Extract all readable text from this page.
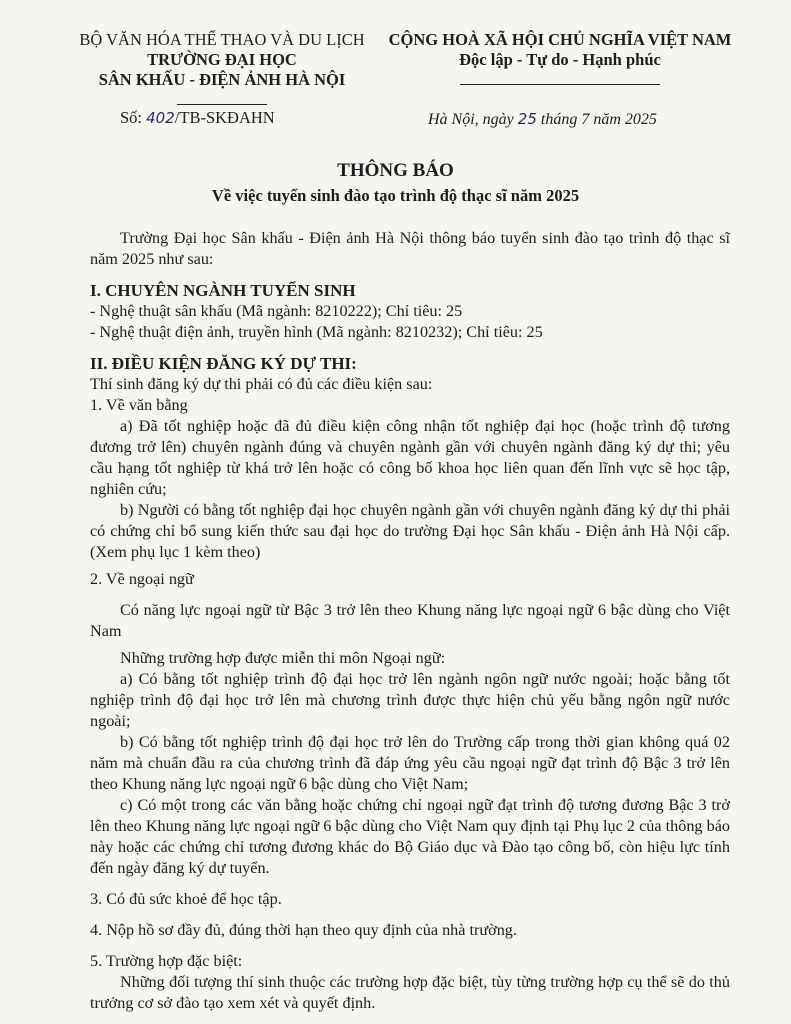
BỘ VĂN HÓA THỂ THAO VÀ DU LỊCH
TRƯỜNG ĐẠI HỌC
SÂN KHẤU - ĐIỆN ẢNH HÀ NỘI
CỘNG HOÀ XÃ HỘI CHỦ NGHĨA VIỆT NAM
Độc lập - Tự do - Hạnh phúc
Số: 402/TB-SKĐAHN	Hà Nội, ngày 25 tháng 7 năm 2025
THÔNG BÁO
Về việc tuyển sinh đào tạo trình độ thạc sĩ năm 2025

Trường Đại học Sân khấu - Điện ảnh Hà Nội thông báo tuyển sinh đào tạo trình độ thạc sĩ năm 2025 như sau:

I. CHUYÊN NGÀNH TUYỂN SINH

- Nghệ thuật sân khấu (Mã ngành: 8210222); Chỉ tiêu: 25

- Nghệ thuật điện ảnh, truyền hình (Mã ngành: 8210232); Chỉ tiêu: 25

II. ĐIỀU KIỆN ĐĂNG KÝ DỰ THI:

Thí sinh đăng ký dự thi phải có đủ các điều kiện sau:

1. Về văn bằng

a) Đã tốt nghiệp hoặc đã đủ điều kiện công nhận tốt nghiệp đại học (hoặc trình độ tương đương trở lên) chuyên ngành đúng và chuyên ngành gần với chuyên ngành đăng ký dự thi; yêu cầu hạng tốt nghiệp từ khá trở lên hoặc có công bố khoa học liên quan đến lĩnh vực sẽ học tập, nghiên cứu;

b) Người có bằng tốt nghiệp đại học chuyên ngành gần với chuyên ngành đăng ký dự thi phải có chứng chỉ bổ sung kiến thức sau đại học do trường Đại học Sân khấu - Điện ảnh Hà Nội cấp. (Xem phụ lục 1 kèm theo)

2. Về ngoại ngữ

Có năng lực ngoại ngữ từ Bậc 3 trở lên theo Khung năng lực ngoại ngữ 6 bậc dùng cho Việt Nam

Những trường hợp được miễn thi môn Ngoại ngữ:

a) Có bằng tốt nghiệp trình độ đại học trở lên ngành ngôn ngữ nước ngoài; hoặc bằng tốt nghiệp trình độ đại học trở lên mà chương trình được thực hiện chủ yếu bằng ngôn ngữ nước ngoài;

b) Có bằng tốt nghiệp trình độ đại học trở lên do Trường cấp trong thời gian không quá 02 năm mà chuẩn đầu ra của chương trình đã đáp ứng yêu cầu ngoại ngữ đạt trình độ Bậc 3 trở lên theo Khung năng lực ngoại ngữ 6 bậc dùng cho Việt Nam;

c) Có một trong các văn bằng hoặc chứng chỉ ngoại ngữ đạt trình độ tương đương Bậc 3 trở lên theo Khung năng lực ngoại ngữ 6 bậc dùng cho Việt Nam quy định tại Phụ lục 2 của thông báo này hoặc các chứng chỉ tương đương khác do Bộ Giáo dục và Đào tạo công bố, còn hiệu lực tính đến ngày đăng ký dự tuyển.

3. Có đủ sức khoẻ để học tập.

4. Nộp hồ sơ đầy đủ, đúng thời hạn theo quy định của nhà trường.

5. Trường hợp đặc biệt:

Những đối tượng thí sinh thuộc các trường hợp đặc biệt, tùy từng trường hợp cụ thể sẽ do thủ trưởng cơ sở đào tạo xem xét và quyết định.
